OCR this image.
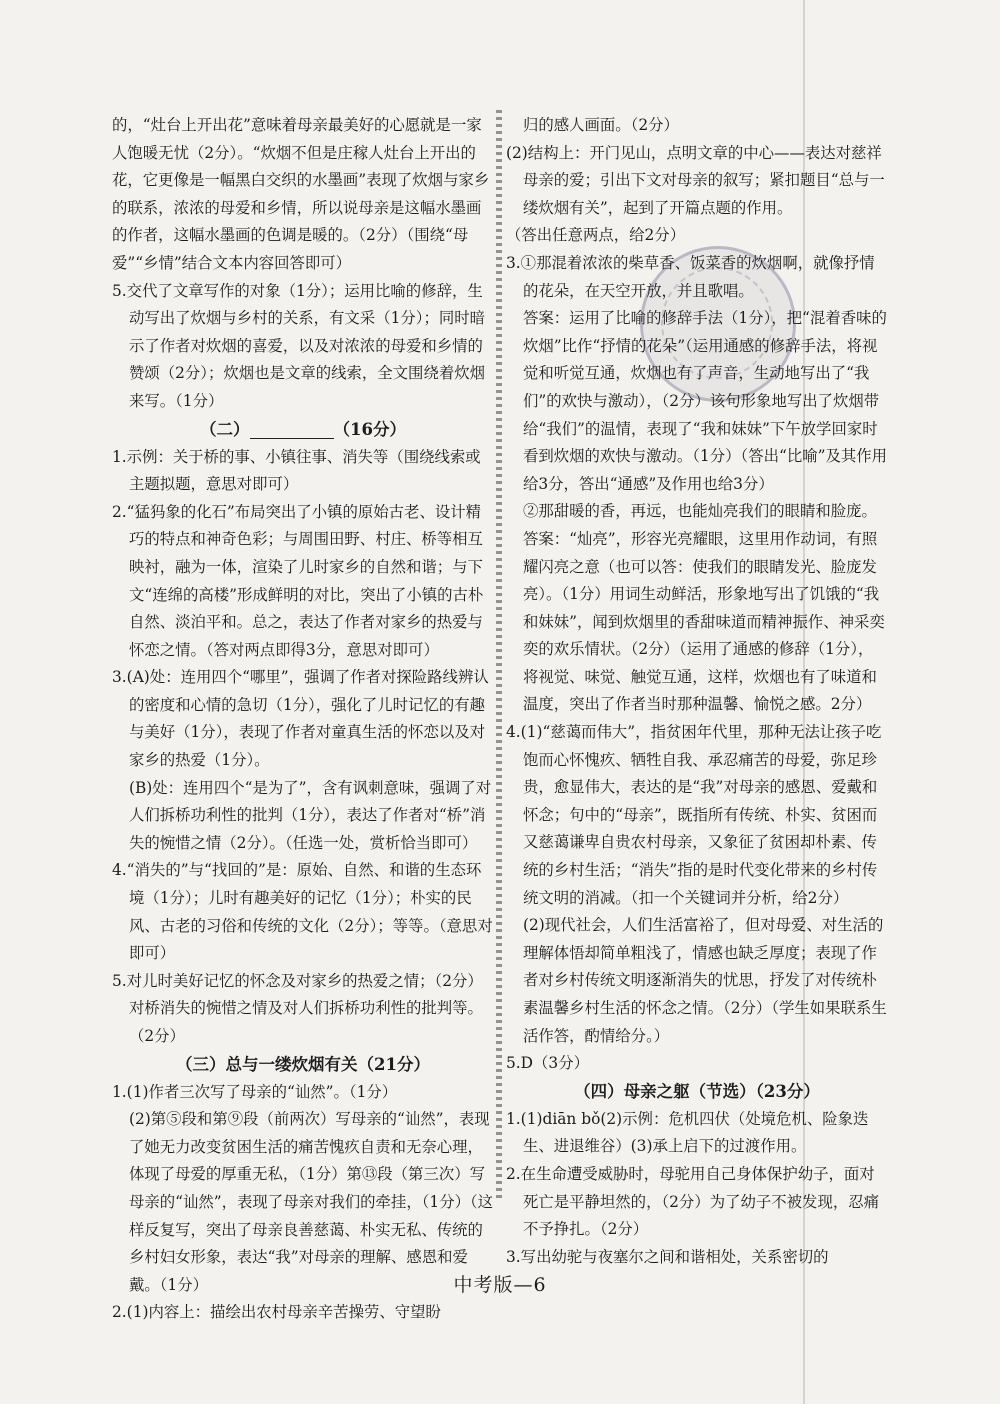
的，“灶台上开出花”意味着母亲最美好的心愿就是一家人饱暖无忧（2分）。“炊烟不但是庄稼人灶台上开出的花，它更像是一幅黑白交织的水墨画”表现了炊烟与家乡的联系，浓浓的母爱和乡情，所以说母亲是这幅水墨画的作者，这幅水墨画的色调是暖的。（2分）（围绕“母爱”“乡情”结合文本内容回答即可）

5.交代了文章写作的对象（1分）；运用比喻的修辞，生动写出了炊烟与乡村的关系，有文采（1分）；同时暗示了作者对炊烟的喜爱，以及对浓浓的母爱和乡情的赞颂（2分）；炊烟也是文章的线索，全文围绕着炊烟来写。（1分）

（二）	（16分）

1.示例：关于桥的事、小镇往事、消失等（围绕线索或主题拟题，意思对即可）

2.“猛犸象的化石”布局突出了小镇的原始古老、设计精巧的特点和神奇色彩；与周围田野、村庄、桥等相互映衬，融为一体，渲染了儿时家乡的自然和谐；与下文“连绵的高楼”形成鲜明的对比，突出了小镇的古朴自然、淡泊平和。总之，表达了作者对家乡的热爱与怀恋之情。（答对两点即得3分，意思对即可）

3.(A)处：连用四个“哪里”，强调了作者对探险路线辨认的密度和心情的急切（1分），强化了儿时记忆的有趣与美好（1分），表现了作者对童真生活的怀恋以及对家乡的热爱（1分）。

(B)处：连用四个“是为了”，含有讽刺意味，强调了对人们拆桥功利性的批判（1分），表达了作者对“桥”消失的惋惜之情（2分）。（任选一处，赏析恰当即可）

4.“消失的”与“找回的”是：原始、自然、和谐的生态环境（1分）；儿时有趣美好的记忆（1分）；朴实的民风、古老的习俗和传统的文化（2分）；等等。（意思对即可）

5.对儿时美好记忆的怀念及对家乡的热爱之情；（2分）对桥消失的惋惜之情及对人们拆桥功利性的批判等。（2分）

（三）总与一缕炊烟有关（21分）

1.(1)作者三次写了母亲的“讪然”。（1分）

(2)第⑤段和第⑨段（前两次）写母亲的“讪然”，表现了她无力改变贫困生活的痛苦愧疚自责和无奈心理，体现了母爱的厚重无私，（1分）第⑬段（第三次）写母亲的“讪然”，表现了母亲对我们的牵挂，（1分）（这样反复写，突出了母亲良善慈蔼、朴实无私、传统的乡村妇女形象，表达“我”对母亲的理解、感恩和爱戴。（1分）

2.(1)内容上：描绘出农村母亲辛苦操劳、守望盼

归的感人画面。（2分）

(2)结构上：开门见山，点明文章的中心——表达对慈祥母亲的爱；引出下文对母亲的叙写；紧扣题目“总与一缕炊烟有关”，起到了开篇点题的作用。

（答出任意两点，给2分）

3.①那混着浓浓的柴草香、饭菜香的炊烟啊，就像抒情的花朵，在天空开放，并且歌唱。

答案：运用了比喻的修辞手法（1分），把“混着香味的炊烟”比作“抒情的花朵”（运用通感的修辞手法，将视觉和听觉互通，炊烟也有了声音，生动地写出了“我们”的欢快与激动），（2分）该句形象地写出了炊烟带给“我们”的温情，表现了“我和妹妹”下午放学回家时看到炊烟的欢快与激动。（1分）（答出“比喻”及其作用给3分，答出“通感”及作用也给3分）

②那甜暖的香，再远，也能灿亮我们的眼睛和脸庞。

答案：“灿亮”，形容光亮耀眼，这里用作动词，有照耀闪亮之意（也可以答：使我们的眼睛发光、脸庞发亮）。（1分）用词生动鲜活，形象地写出了饥饿的“我和妹妹”，闻到炊烟里的香甜味道而精神振作、神采奕奕的欢乐情状。（2分）（运用了通感的修辞（1分），将视觉、味觉、触觉互通，这样，炊烟也有了味道和温度，突出了作者当时那种温馨、愉悦之感。2分）

4.(1)“慈蔼而伟大”，指贫困年代里，那种无法让孩子吃饱而心怀愧疚、牺牲自我、承忍痛苦的母爱，弥足珍贵，愈显伟大，表达的是“我”对母亲的感恩、爱戴和怀念；句中的“母亲”，既指所有传统、朴实、贫困而又慈蔼谦卑自贵农村母亲，又象征了贫困却朴素、传统的乡村生活；“消失”指的是时代变化带来的乡村传统文明的消减。（扣一个关键词并分析，给2分）

(2)现代社会，人们生活富裕了，但对母爱、对生活的理解体悟却简单粗浅了，情感也缺乏厚度；表现了作者对乡村传统文明逐渐消失的忧思，抒发了对传统朴素温馨乡村生活的怀念之情。（2分）（学生如果联系生活作答，酌情给分。）

5.D（3分）

（四）母亲之躯（节选）（23分）

1.(1)diān bǒ(2)示例：危机四伏（处境危机、险象迭生、进退维谷）(3)承上启下的过渡作用。

2.在生命遭受威胁时，母驼用自己身体保护幼子，面对死亡是平静坦然的，（2分）为了幼子不被发现，忍痛不予挣扎。（2分）

3.写出幼驼与夜塞尔之间和谐相处，关系密切的

中考版—6
